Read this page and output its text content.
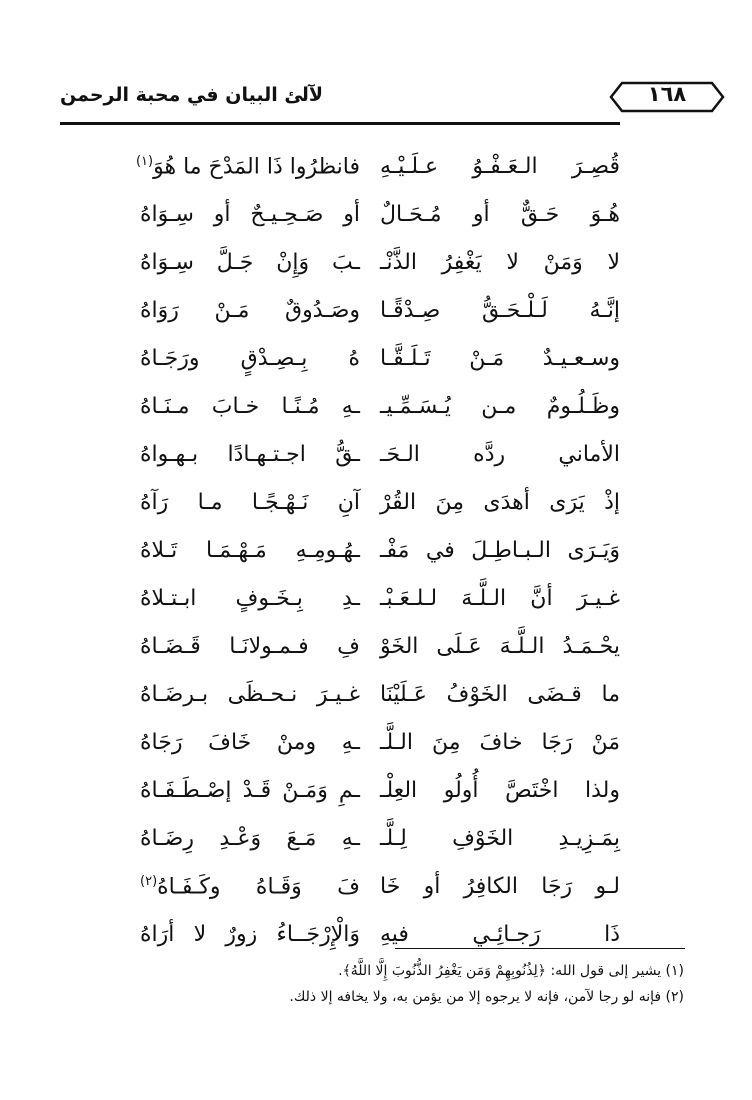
لآلئ البيان في محبة الرحمن	١٦٨
قُصِـرَ الـعَـفْـوُ عـلَـيْـهِ
فانظرُوا ذَا المَدْحَ ما هُوَ$^{(١)}$
هُـوَ حَـقٌّ أو مُـحَـالٌ
أو صَـحِـيـحٌ أو سِـوَاهُ
لا وَمَنْ لا يَغْفِرُ الذَّنْـ
ـبَ وَإِنْ جَـلَّ سِـوَاهُ
إنَّـهُ لَـلْـحَـقُّ صِـدْقًـا
وصَـدُوقٌ مَـنْ رَوَاهُ
وسـعـيـدٌ مَـنْ تَـلَـقَّـا
هُ بِـصِـدْقٍ ورَجَـاهُ
وظَـلُـومٌ مـن يُـسَـمِّـيـ
ـهِ مُـنًـا خـابَ مـنَـاهُ
الأماني ردَّه الـحَـ
ـقُّ اجـتـهـادًا بـهـواهُ
إذْ يَرَى أهدَى مِنَ القُرْ
آنِ نَـهْـجًـا مـا رَآهُ
وَيَـرَى الـبـاطِـلَ في مَفْـ
ـهُـومِـهِ مَـهْـمَـا تَـلاهُ
غـيـرَ أنَّ الـلَّـهَ لـلـعَـبْـ
ـدِ بِـخَـوفٍ ابـتـلاهُ
يحْـمَـدُ الـلَّـهَ عَـلَى الخَوْ
فِ فـمـولانَـا قَـضَـاهُ
ما قـضَى الخَوْفُ عَـلَيْنَا
غـيـرَ نـحـظَى بـرضَـاهُ
مَنْ رَجَا خافَ مِنَ الـلَّـ
ـهِ ومنْ خَافَ رَجَاهُ
ولذا اخْتَصَّ أُولُو العِلْـ
ـمِ وَمَـنْ قَـدْ إصْـطَـفَـاهُ
بِمَـزِيـدِ الخَوْفِ لِـلَّـ
ـهِ مَـعَ وَعْـدِ رِضَـاهُ
لـو رَجَا الكافِرُ أو خَا
فَ وَقَـاهُ وكَـفَـاهُ$^{(٢)}$
ذَا رَجـائِـي فيهِ
وَالْإِرْجَــاءُ زورٌ لا أرَاهُ
(١) يشير إلى قول الله: ﴿لِذُنُوبِهِمْ وَمَن يَغْفِرُ الذُّنُوبَ إِلَّا اللَّهُ﴾.
(٢) فإنه لو رجا لآمن، فإنه لا يرجوه إلا من يؤمن به، ولا يخافه إلا ذلك.
